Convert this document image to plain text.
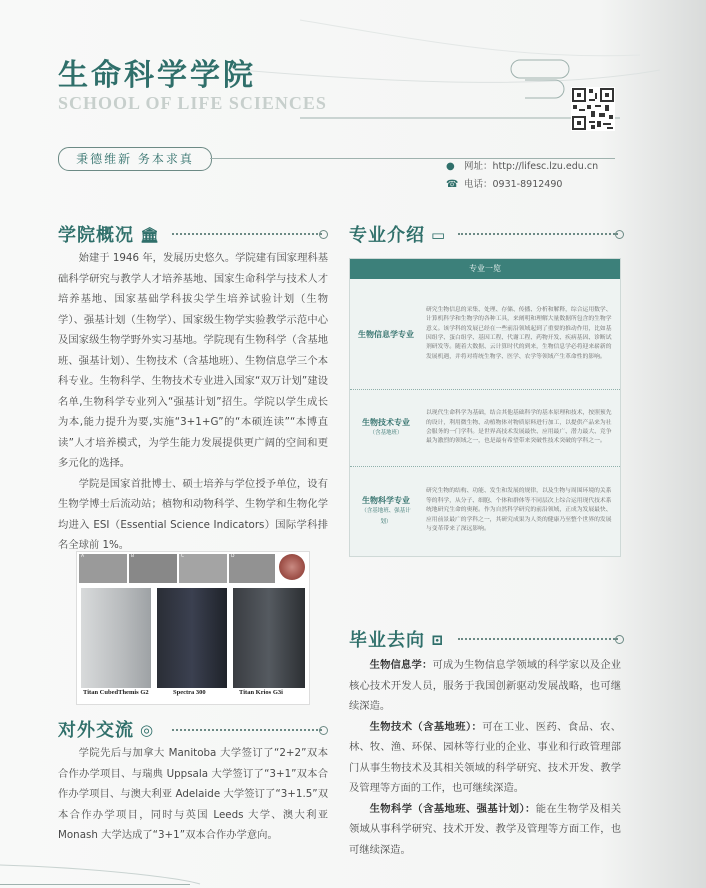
生命科学学院
SCHOOL OF LIFE SCIENCES
秉德维新 务本求真
● 网址：http://lifesc.lzu.edu.cn
☎ 电话：0931-8912490
学院概况 🏛

始建于 1946 年，发展历史悠久。学院建有国家理科基础科学研究与教学人才培养基地、国家生命科学与技术人才培养基地、国家基础学科拔尖学生培养试验计划（生物学）、强基计划（生物学）、国家级生物学实验教学示范中心及国家级生物学野外实习基地。学院现有生物科学（含基地班、强基计划）、生物技术（含基地班）、生物信息学三个本科专业。生物科学、生物技术专业进入国家“双万计划”建设名单,生物科学专业列入“强基计划”招生。学院以学生成长为本,能力提升为要,实施“3+1+G”的“本硕连读”“本博直读”人才培养模式，为学生能力发展提供更广阔的空间和更多元化的选择。

学院是国家首批博士、硕士培养与学位授予单位，设有生物学博士后流动站；植物和动物科学、生物学和生物化学均进入 ESI（Essential Science Indicators）国际学科排名全球前 1%。

A	B	C	D
Titan CubedThemis G2	Spectra 300	Titan Krios G3i
对外交流 ◎

学院先后与加拿大 Manitoba 大学签订了“2+2”双本合作办学项目、与瑞典 Uppsala 大学签订了“3+1”双本合作办学项目、与澳大利亚 Adelaide 大学签订了“3+1.5”双本合作办学项目，同时与英国 Leeds 大学、澳大利亚 Monash 大学达成了“3+1”双本合作办学意向。

专业介绍 ▭
专业一览
生物信息学专业
研究生物信息的采集、处理、存储、传播、分析和解释，综合运用数学、计算机科学和生物学的各种工具，来阐明和理解大量数据所包含的生物学意义。该学科的发展已经在一些前沿领域起到了重要的推动作用，比如基因组学、蛋白组学、基因工程、代谢工程、药物开发、疾病基因、诊断试剂研发等。随着大数据、云计算时代的到来，生物信息学必将迎来崭新的发展机遇，并将对将统生物学、医学、农学等领域产生革命性的影响。
生物技术专业
（含基地班）
以现代生命科学为基础，结合其他基础科学的基本原理和技术，按照预先的设计，利用微生物、动植物体对物质原料进行加工，以提供产品来为社会服务的一门学科。是世界高技术发展最快、应用最广、潜力最大、竞争最为激烈的领域之一，也是最有希望带来突破性技术突破的学科之一。
生物科学专业
（含基地班、强基计划）
研究生物的结构、功能、发生和发展的规律，以及生物与周围环境的关系等的科学，从分子、细胞、个体和群体等不同层次上综合运用现代技术系统地研究生命的奥秘。作为自然科学研究的前沿领域，正成为发展最快、应用前景最广的学科之一，其研究成果为人类的健康乃至整个世界的发展与变革带来了深远影响。
毕业去向 ⊡

生物信息学：可成为生物信息学领域的科学家以及企业核心技术开发人员，服务于我国创新驱动发展战略，也可继续深造。

生物技术（含基地班）：可在工业、医药、食品、农、林、牧、渔、环保、园林等行业的企业、事业和行政管理部门从事生物技术及其相关领域的科学研究、技术开发、教学及管理等方面的工作，也可继续深造。

生物科学（含基地班、强基计划）：能在生物学及相关领域从事科学研究、技术开发、教学及管理等方面工作，也可继续深造。
